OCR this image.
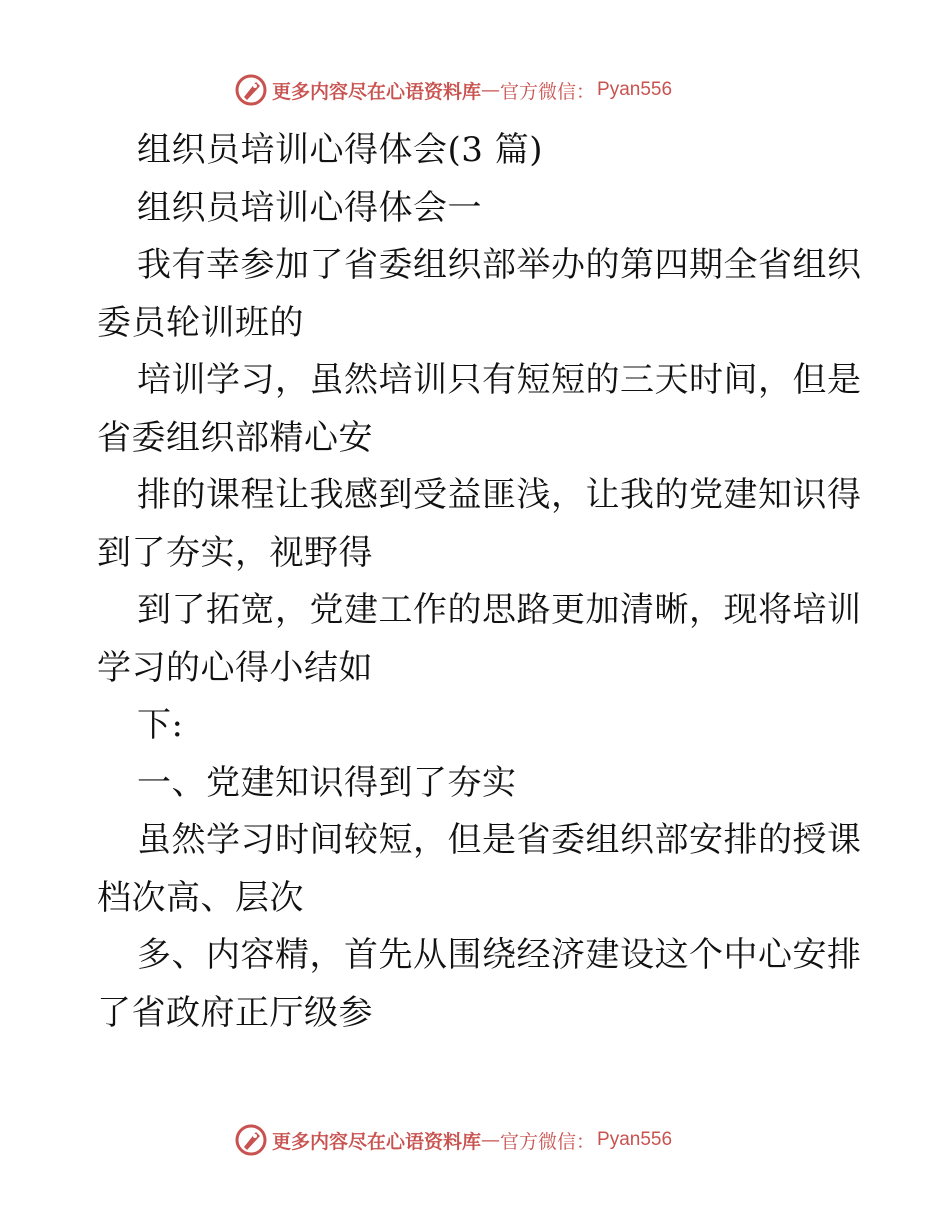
更多内容尽在心语资料库 — 官方微信： Pyan556
组织员培训心得体会(3 篇)
组织员培训心得体会一
我有幸参加了省委组织部举办的第四期全省组织
委员轮训班的
培训学习，虽然培训只有短短的三天时间，但是
省委组织部精心安
排的课程让我感到受益匪浅，让我的党建知识得
到了夯实，视野得
到了拓宽，党建工作的思路更加清晰，现将培训
学习的心得小结如
下:
一、党建知识得到了夯实
虽然学习时间较短，但是省委组织部安排的授课
档次高、层次
多、内容精，首先从围绕经济建设这个中心安排
了省政府正厅级参
更多内容尽在心语资料库 — 官方微信： Pyan556
